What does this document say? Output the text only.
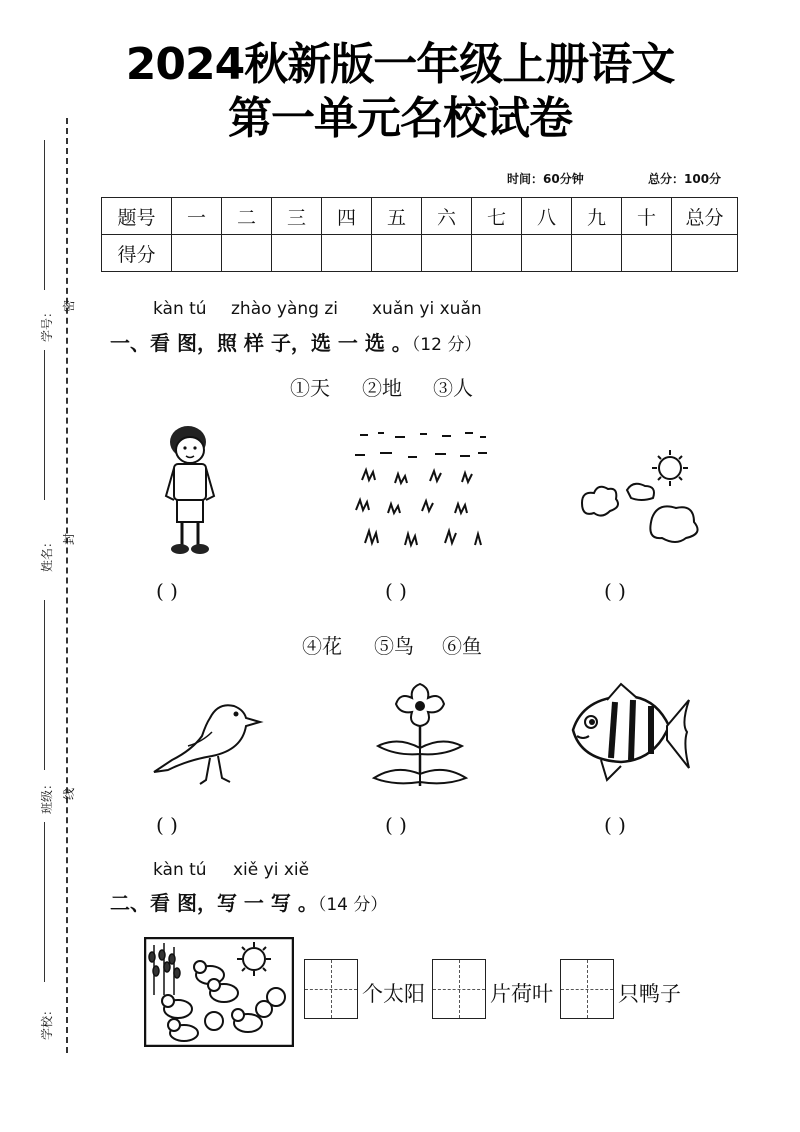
2024秋新版一年级上册语文
第一单元名校试卷
时间：60分钟	总分：100分
题号	一	二	三	四	五	六	七	八	九	十	总分
得分											
学号：
姓名：
班级：
学校：
密
封
线
kàn tú zhào yàng zi xuǎn yi xuǎn
一、看 图，照 样 子，选 一 选 。（12 分）
①天 ②地 ③人
( )	( )	( )
④花 ⑤鸟 ⑥鱼
( )	( )	( )
kàn tú xiě yi xiě
二、看 图，写 一 写 。（14 分）
个太阳	片荷叶	只鸭子
